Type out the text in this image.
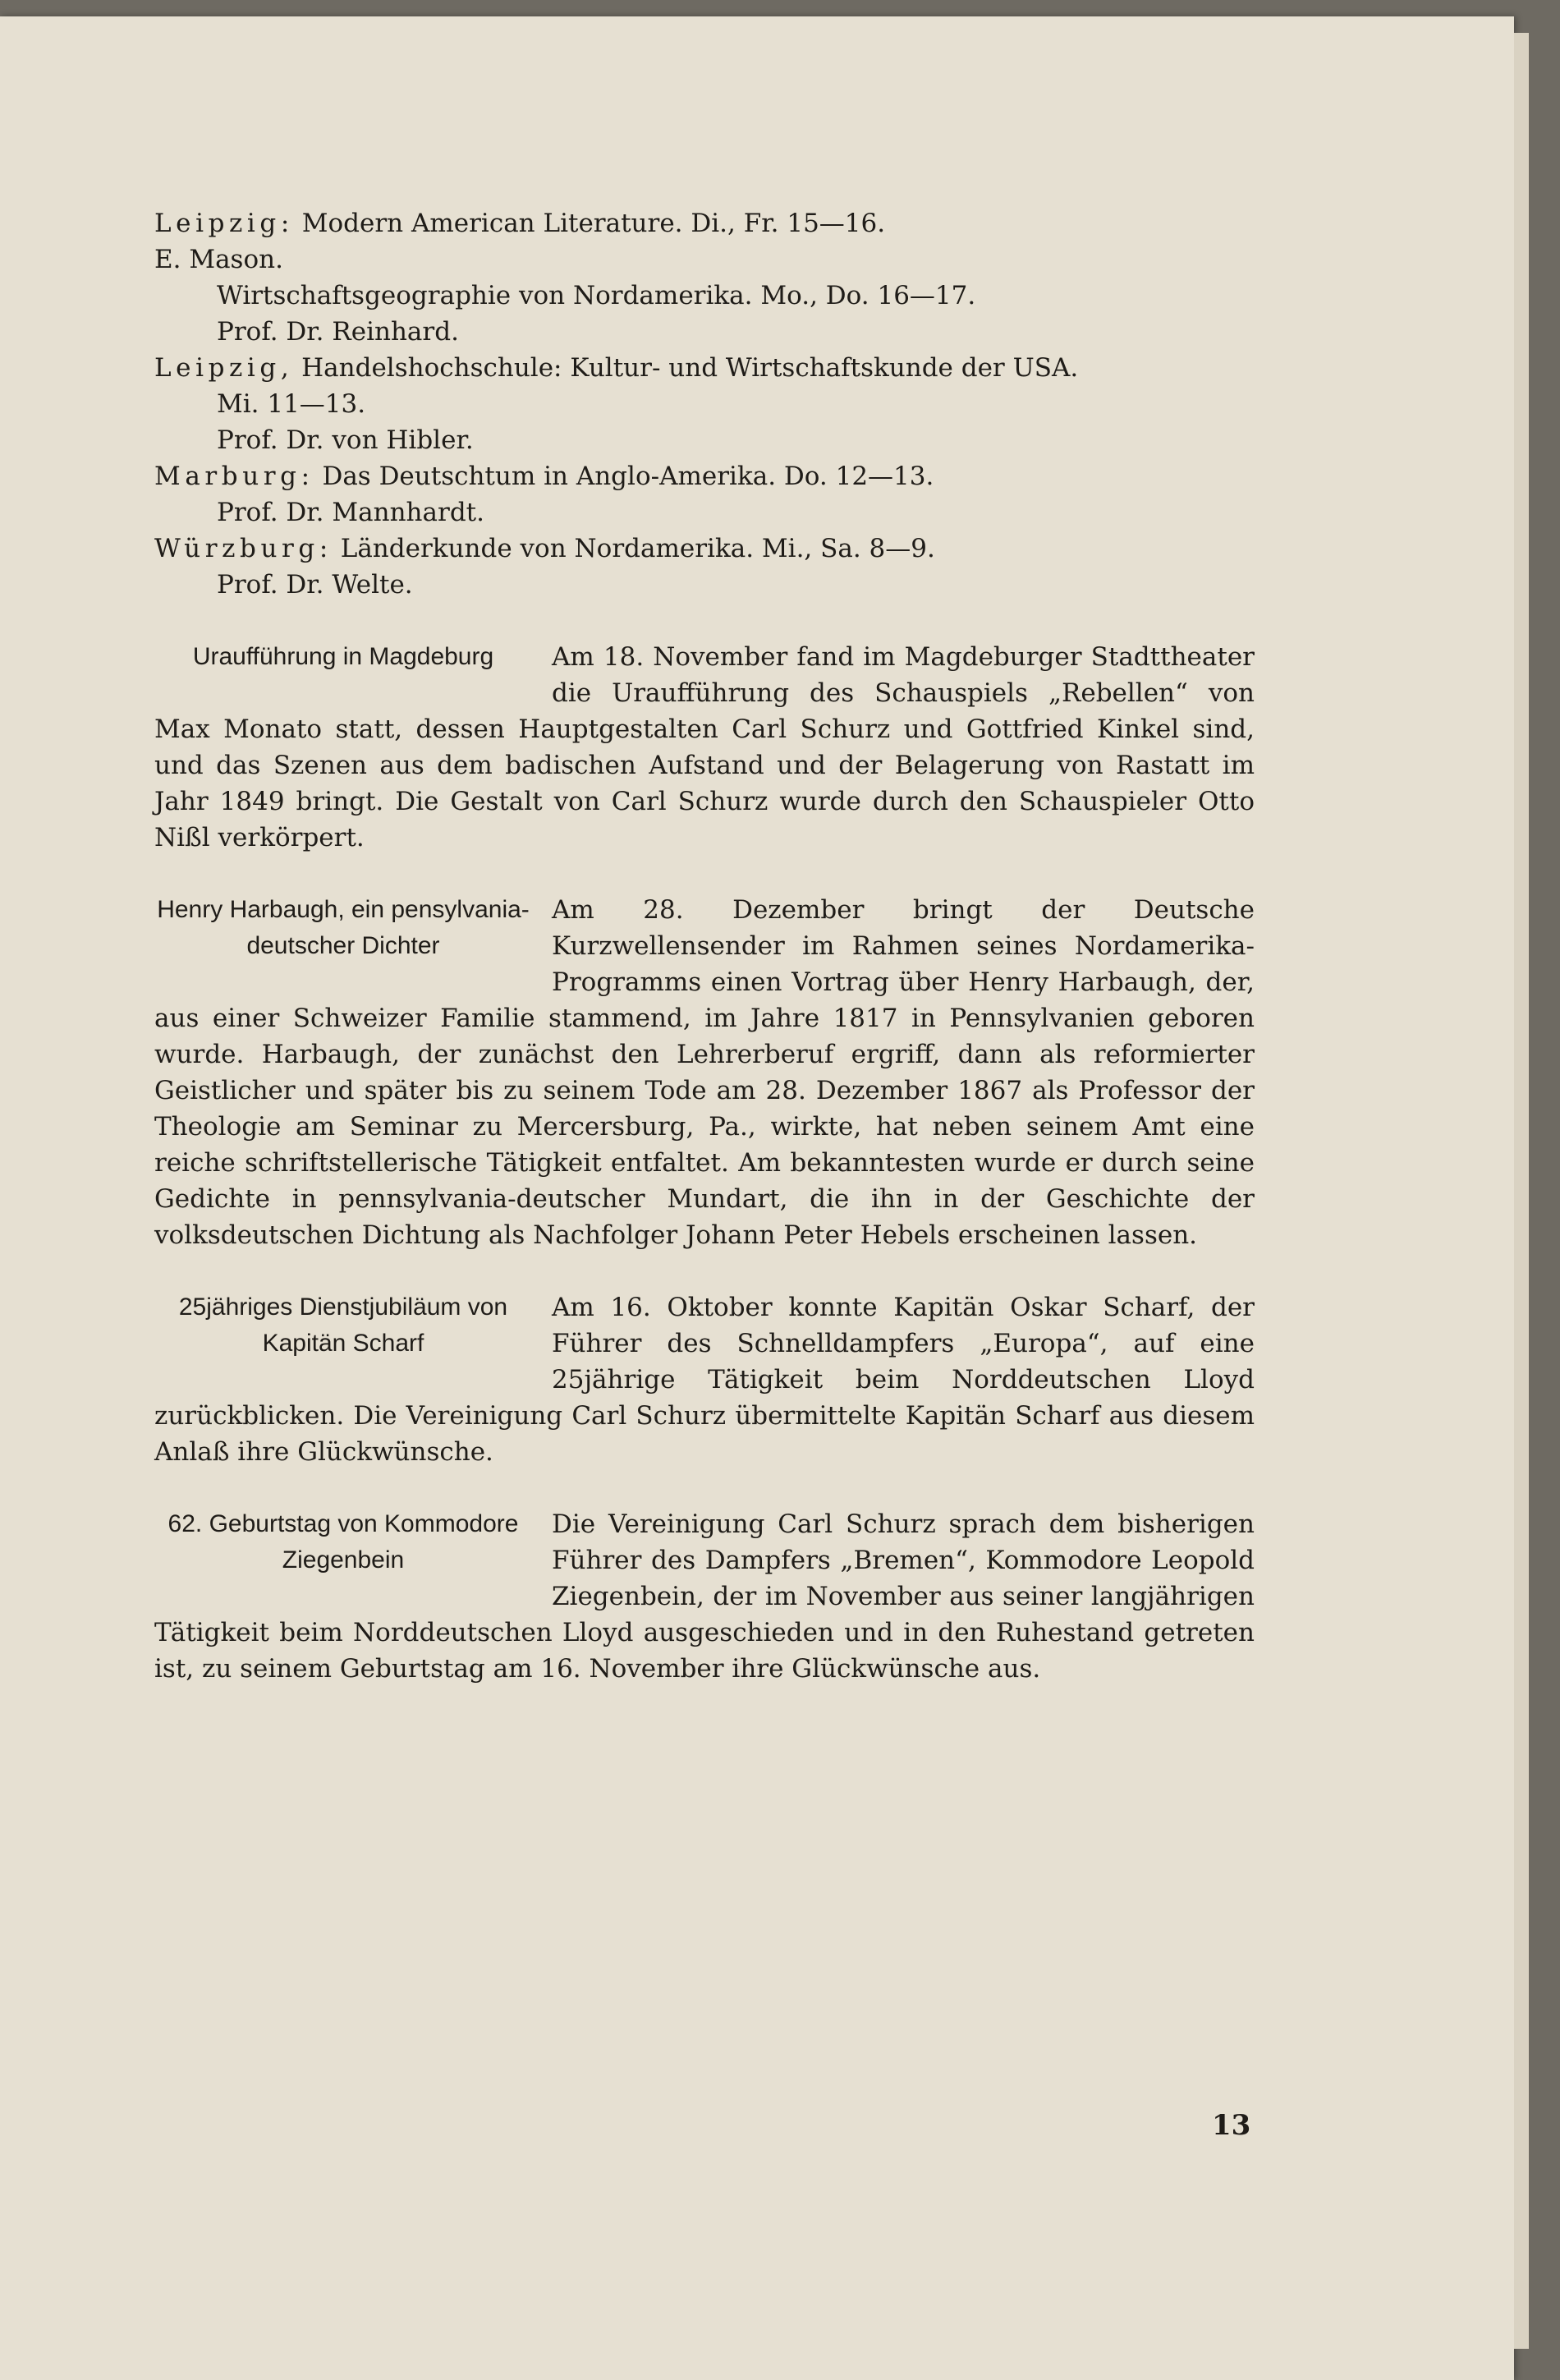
Leipzig: Modern American Literature. Di., Fr. 15—16.
E. Mason.

Wirtschaftsgeographie von Nordamerika. Mo., Do. 16—17.
Prof. Dr. Reinhard.

Leipzig, Handelshochschule: Kultur- und Wirtschaftskunde der USA.
Mi. 11—13.
Prof. Dr. von Hibler.

Marburg: Das Deutschtum in Anglo-Amerika. Do. 12—13.
Prof. Dr. Mannhardt.

Würzburg: Länderkunde von Nordamerika. Mi., Sa. 8—9.
Prof. Dr. Welte.

Uraufführung in Magdeburg	Am 18. November fand im Magdeburger Stadttheater die Uraufführung des Schauspiels „Rebellen“ von Max Monato statt, dessen Hauptgestalten Carl Schurz und Gottfried Kinkel sind, und das Szenen aus dem badischen Aufstand und der Belagerung von Rastatt im Jahr 1849 bringt. Die Gestalt von Carl Schurz wurde durch den Schauspieler Otto Nißl verkörpert.

Henry Harbaugh, ein pensylvania-deutscher Dichter

Am 28. Dezember bringt der Deutsche Kurzwellensender im Rahmen seines Nordamerika-Programms einen Vortrag über Henry Harbaugh, der, aus einer Schweizer Familie stammend, im Jahre 1817 in Pennsylvanien geboren wurde. Harbaugh, der zunächst den Lehrerberuf ergriff, dann als reformierter Geistlicher und später bis zu seinem Tode am 28. Dezember 1867 als Professor der Theologie am Seminar zu Mercersburg, Pa., wirkte, hat neben seinem Amt eine reiche schriftstellerische Tätigkeit entfaltet. Am bekanntesten wurde er durch seine Gedichte in pennsylvania-deutscher Mundart, die ihn in der Geschichte der volksdeutschen Dichtung als Nachfolger Johann Peter Hebels erscheinen lassen.

25jähriges Dienstjubiläum von Kapitän Scharf

Am 16. Oktober konnte Kapitän Oskar Scharf, der Führer des Schnelldampfers „Europa“, auf eine 25jährige Tätigkeit beim Norddeutschen Lloyd zurückblicken. Die Vereinigung Carl Schurz übermittelte Kapitän Scharf aus diesem Anlaß ihre Glückwünsche.

62. Geburtstag von Kommodore Ziegenbein

Die Vereinigung Carl Schurz sprach dem bisherigen Führer des Dampfers „Bremen“, Kommodore Leopold Ziegenbein, der im November aus seiner langjährigen Tätigkeit beim Norddeutschen Lloyd ausgeschieden und in den Ruhestand getreten ist, zu seinem Geburtstag am 16. November ihre Glückwünsche aus.

13
